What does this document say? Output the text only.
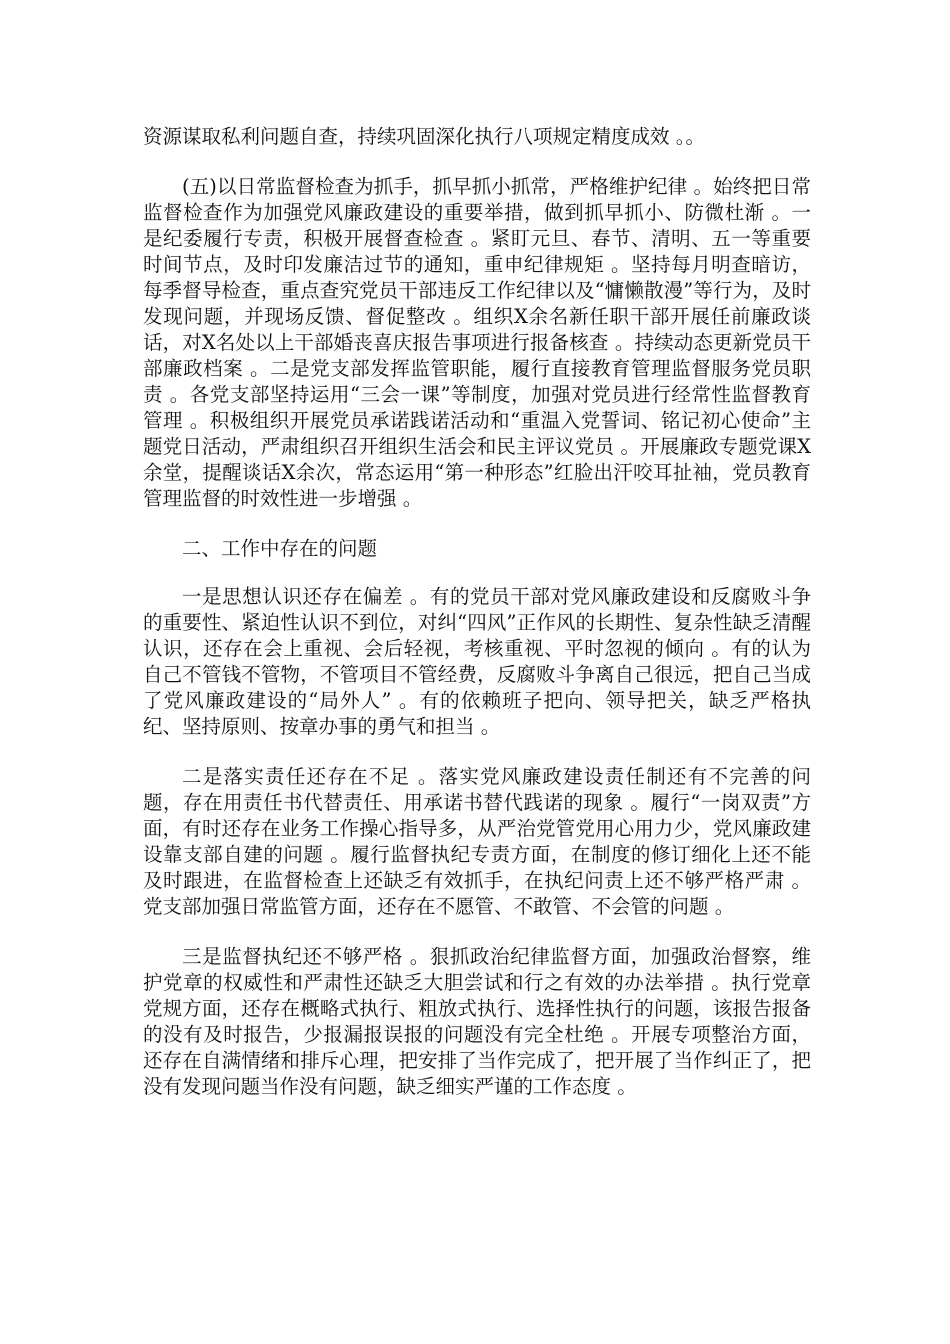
资源谋取私利问题自查，持续巩固深化执行八项规定精度成效 。。

(五)以日常监督检查为抓手，抓早抓小抓常，严格维护纪律 。始终把日常监督检查作为加强党风廉政建设的重要举措，做到抓早抓小、防微杜渐 。一是纪委履行专责，积极开展督查检查 。紧盯元旦、春节、清明、五一等重要时间节点，及时印发廉洁过节的通知，重申纪律规矩 。坚持每月明查暗访，每季督导检查，重点查究党员干部违反工作纪律以及“慵懒散漫”等行为，及时发现问题，并现场反馈、督促整改 。组织X余名新任职干部开展任前廉政谈话，对X名处以上干部婚丧喜庆报告事项进行报备核查 。持续动态更新党员干部廉政档案 。二是党支部发挥监管职能，履行直接教育管理监督服务党员职责 。各党支部坚持运用“三会一课”等制度，加强对党员进行经常性监督教育管理 。积极组织开展党员承诺践诺活动和“重温入党誓词、铭记初心使命”主题党日活动，严肃组织召开组织生活会和民主评议党员 。开展廉政专题党课X余堂，提醒谈话X余次，常态运用“第一种形态”红脸出汗咬耳扯袖，党员教育管理监督的时效性进一步增强 。

二、工作中存在的问题

一是思想认识还存在偏差 。有的党员干部对党风廉政建设和反腐败斗争的重要性、紧迫性认识不到位，对纠“四风”正作风的长期性、复杂性缺乏清醒认识，还存在会上重视、会后轻视，考核重视、平时忽视的倾向 。有的认为自己不管钱不管物，不管项目不管经费，反腐败斗争离自己很远，把自己当成了党风廉政建设的“局外人” 。有的依赖班子把向、领导把关，缺乏严格执纪、坚持原则、按章办事的勇气和担当 。

二是落实责任还存在不足 。落实党风廉政建设责任制还有不完善的问题，存在用责任书代替责任、用承诺书替代践诺的现象 。履行“一岗双责”方面，有时还存在业务工作操心指导多，从严治党管党用心用力少，党风廉政建设靠支部自建的问题 。履行监督执纪专责方面，在制度的修订细化上还不能及时跟进，在监督检查上还缺乏有效抓手，在执纪问责上还不够严格严肃 。党支部加强日常监管方面，还存在不愿管、不敢管、不会管的问题 。

三是监督执纪还不够严格 。狠抓政治纪律监督方面，加强政治督察，维护党章的权威性和严肃性还缺乏大胆尝试和行之有效的办法举措 。执行党章党规方面，还存在概略式执行、粗放式执行、选择性执行的问题，该报告报备的没有及时报告，少报漏报误报的问题没有完全杜绝 。开展专项整治方面，还存在自满情绪和排斥心理，把安排了当作完成了，把开展了当作纠正了，把没有发现问题当作没有问题，缺乏细实严谨的工作态度 。
